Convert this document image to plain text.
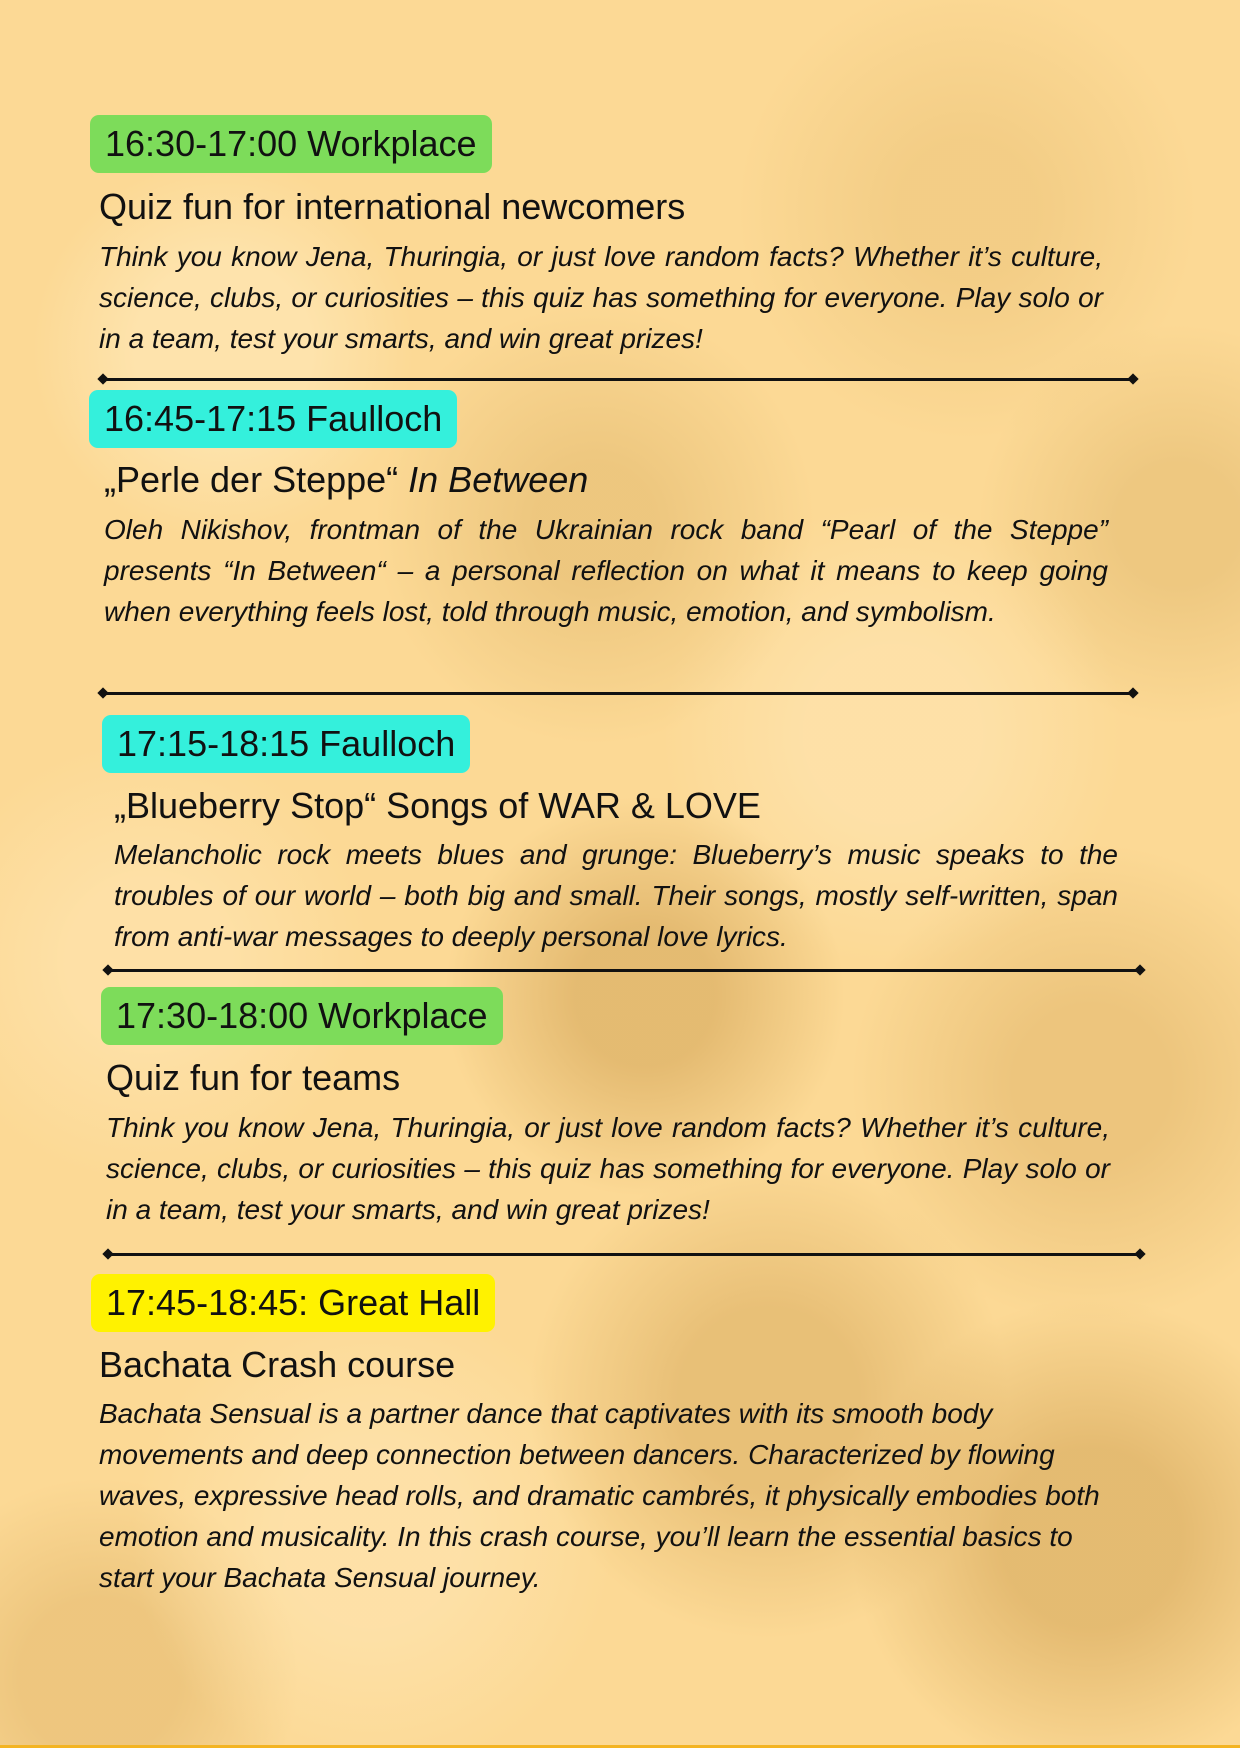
16:30-17:00 Workplace
Quiz fun for international newcomers

Think you know Jena, Thuringia, or just love random facts? Whether it’s culture, science, clubs, or curiosities – this quiz has something for everyone. Play solo or in a team, test your smarts, and win great prizes!

16:45-17:15 Faulloch
„Perle der Steppe“ In Between

Oleh Nikishov, frontman of the Ukrainian rock band “Pearl of the Steppe” presents “In Between“ – a personal reflection on what it means to keep going when everything feels lost, told through music, emotion, and symbolism.

17:15-18:15 Faulloch
„Blueberry Stop“ Songs of WAR & LOVE

Melancholic rock meets blues and grunge: Blueberry’s music speaks to the troubles of our world – both big and small. Their songs, mostly self-written, span from anti-war messages to deeply personal love lyrics.

17:30-18:00 Workplace
Quiz fun for teams

Think you know Jena, Thuringia, or just love random facts? Whether it’s culture, science, clubs, or curiosities – this quiz has something for everyone. Play solo or in a team, test your smarts, and win great prizes!

17:45-18:45: Great Hall
Bachata Crash course

Bachata Sensual is a partner dance that captivates with its smooth body movements and deep connection between dancers. Characterized by flowing waves, expressive head rolls, and dramatic cambrés, it physically embodies both emotion and musicality. In this crash course, you’ll learn the essential basics to start your Bachata Sensual journey.
